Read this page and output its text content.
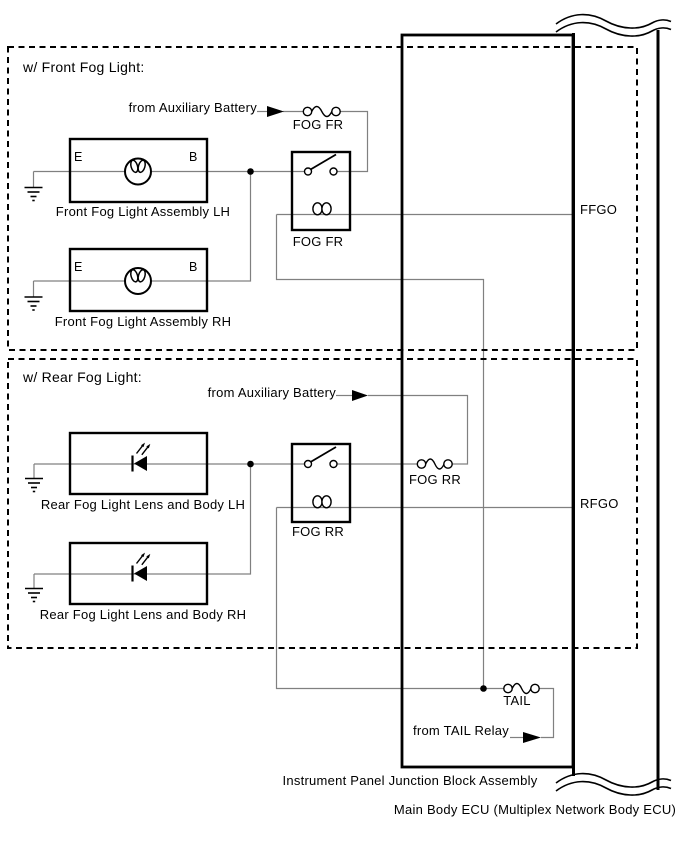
w/ Front Fog Light:
from Auxiliary Battery
FOG FR
FOG FR
E	B
Front Fog Light Assembly LH
E	B
Front Fog Light Assembly RH
FFGO
w/ Rear Fog Light:
from Auxiliary Battery
FOG RR
FOG RR
Rear Fog Light Lens and Body LH
Rear Fog Light Lens and Body RH
RFGO
TAIL
from TAIL Relay
Instrument Panel Junction Block Assembly
Main Body ECU (Multiplex Network Body ECU)
